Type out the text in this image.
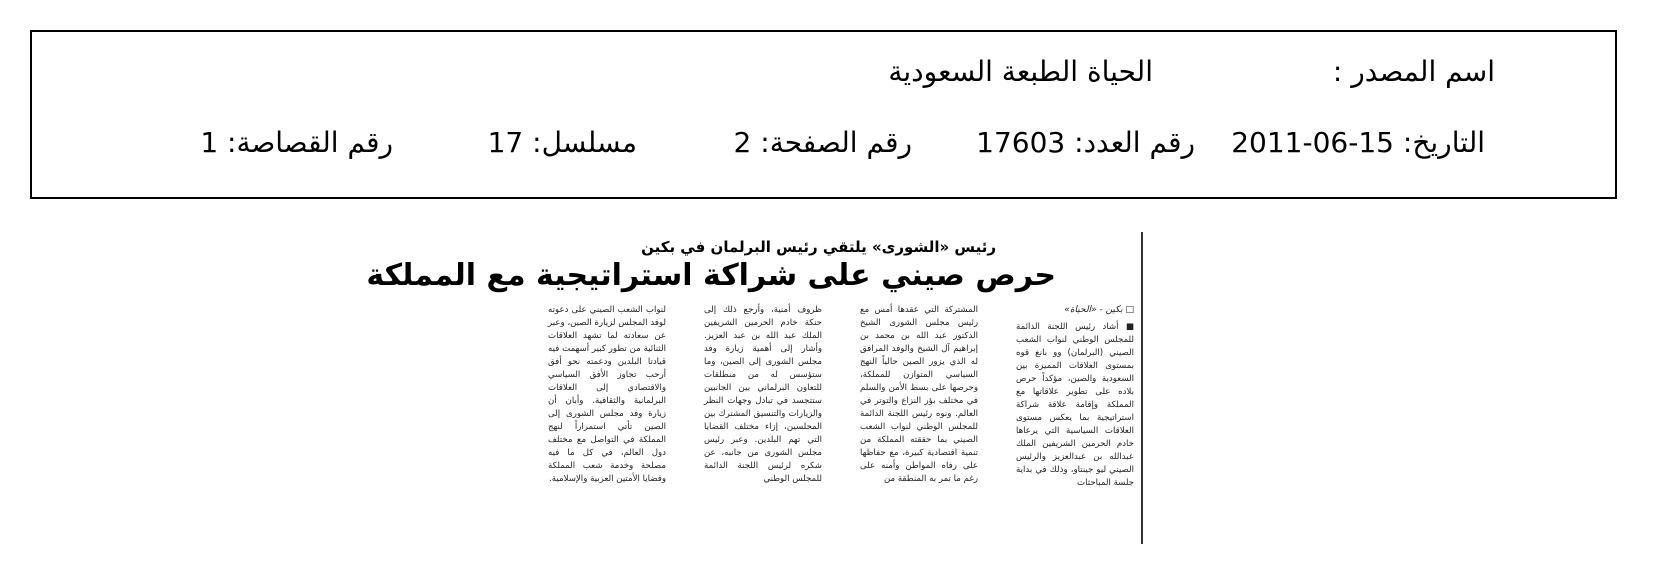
اسم المصدر :
الحياة الطبعة السعودية
التاريخ: 15-06-2011
رقم العدد: 17603
رقم الصفحة: 2
مسلسل: 17
رقم القصاصة: 1
رئيس «الشورى» يلتقي رئيس البرلمان في بكين
حرص صيني على شراكة استراتيجية مع المملكة

□ بكين - «الحياة»

■ أشاد رئيس اللجنة الدائمة للمجلس الوطني لنواب الشعب الصيني (البرلمان) وو بانغ قوه بمستوى العلاقات المميزة بين السعودية والصين، مؤكداً حرص بلاده على تطوير علاقاتها مع المملكة وإقامة علاقة شراكة استراتيجية بما يعكس مستوى العلاقات السياسية التي يرعاها خادم الحرمين الشريفين الملك عبدالله بن عبدالعزيز والرئيس الصيني ليو جينتاو، وذلك في بداية جلسة المباحثات

المشتركة التي عقدها أمس مع رئيس مجلس الشورى الشيخ الدكتور عبد الله بن محمد بن إبراهيم آل الشيخ والوفد المرافق له الذي يزور الصين حالياً النهج السياسي المتوازن للمملكة، وحرصها على بسط الأمن والسلم في مختلف بؤر النزاع والتوتر في العالم. ونوه رئيس اللجنة الدائمة للمجلس الوطني لنواب الشعب الصيني بما حققته المملكة من تنمية اقتصادية كبيرة، مع حفاظها على رفاه المواطن وأمنه على رغم ما تمر به المنطقة من

ظروف أمنية، وأرجع ذلك إلى حنكة خادم الحرمين الشريفين الملك عبد الله بن عبد العزيز. وأشار إلى أهمية زيارة وفد مجلس الشورى إلى الصين، وما ستؤسس له من منطلقات للتعاون البرلماني بين الجانبين ستتجسد في تبادل وجهات النظر والزيارات والتنسيق المشترك بين المجلسين، إزاء مختلف القضايا التي تهم البلدين. وعبر رئيس مجلس الشورى من جانبه، عن شكره لرئيس اللجنة الدائمة للمجلس الوطني

لنواب الشعب الصيني على دعوته لوفد المجلس لزيارة الصين، وعبر عن سعادته لما تشهد العلاقات الثنائية من تطور كبير أسهمت فيه قيادتا البلدين ودعمته نحو أفق أرحب تجاوز الأفق السياسي والاقتصادي إلى العلاقات البرلمانية والثقافية. وأبان أن زيارة وفد مجلس الشورى إلى الصين تأتي استمراراً لنهج المملكة في التواصل مع مختلف دول العالم، في كل ما فيه مصلحة وخدمة شعب المملكة وقضايا الأمتين العربية والإسلامية.
